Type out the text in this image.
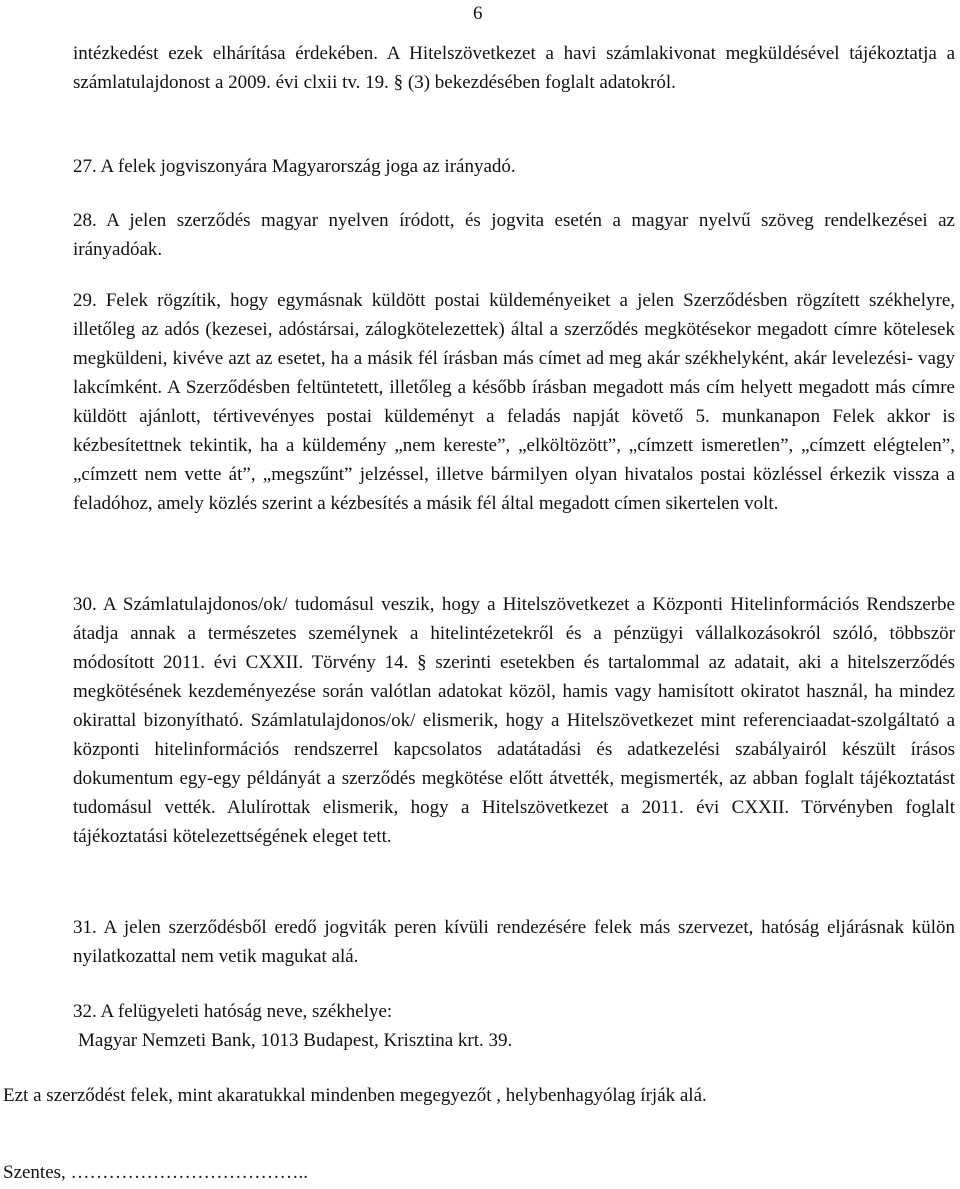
6
intézkedést ezek elhárítása érdekében. A Hitelszövetkezet a havi számlakivonat megküldésével tájékoztatja a számlatulajdonost a 2009. évi clxii tv. 19. § (3) bekezdésében foglalt adatokról.
27. A felek jogviszonyára Magyarország joga az irányadó.
28. A jelen szerződés magyar nyelven íródott, és jogvita esetén a magyar nyelvű szöveg rendelkezései az irányadóak.
29. Felek rögzítik, hogy egymásnak küldött postai küldeményeiket a jelen Szerződésben rögzített székhelyre, illetőleg az adós (kezesei, adóstársai, zálogkötelezettek) által a szerződés megkötésekor megadott címre kötelesek megküldeni, kivéve azt az esetet, ha a másik fél írásban más címet ad meg akár székhelyként, akár levelezési- vagy lakcímként. A Szerződésben feltüntetett, illetőleg a később írásban megadott más cím helyett megadott más címre küldött ajánlott, tértivevényes postai küldeményt a feladás napját követő 5. munkanapon Felek akkor is kézbesítettnek tekintik, ha a küldemény „nem kereste”, „elköltözött”, „címzett ismeretlen”, „címzett elégtelen”, „címzett nem vette át”, „megszűnt” jelzéssel, illetve bármilyen olyan hivatalos postai közléssel érkezik vissza a feladóhoz, amely közlés szerint a kézbesítés a másik fél által megadott címen sikertelen volt.
30. A Számlatulajdonos/ok/ tudomásul veszik, hogy a Hitelszövetkezet a Központi Hitelinformációs Rendszerbe átadja annak a természetes személynek a hitelintézetekről és a pénzügyi vállalkozásokról szóló, többször módosított 2011. évi CXXII. Törvény 14. § szerinti esetekben és tartalommal az adatait, aki a hitelszerződés megkötésének kezdeményezése során valótlan adatokat közöl, hamis vagy hamisított okiratot használ, ha mindez okirattal bizonyítható. Számlatulajdonos/ok/ elismerik, hogy a Hitelszövetkezet mint referenciaadat-szolgáltató a központi hitelinformációs rendszerrel kapcsolatos adatátadási és adatkezelési szabályairól készült írásos dokumentum egy-egy példányát a szerződés megkötése előtt átvették, megismerték, az abban foglalt tájékoztatást tudomásul vették. Alulírottak elismerik, hogy a Hitelszövetkezet a 2011. évi CXXII. Törvényben foglalt tájékoztatási kötelezettségének eleget tett.
31. A jelen szerződésből eredő jogviták peren kívüli rendezésére felek más szervezet, hatóság eljárásnak külön nyilatkozattal nem vetik magukat alá.
32. A felügyeleti hatóság neve, székhelye:
Magyar Nemzeti Bank, 1013 Budapest, Krisztina krt. 39.
Ezt a szerződést felek, mint akaratukkal mindenben megegyezőt , helybenhagyólag írják alá.
Szentes, ………………………………..
